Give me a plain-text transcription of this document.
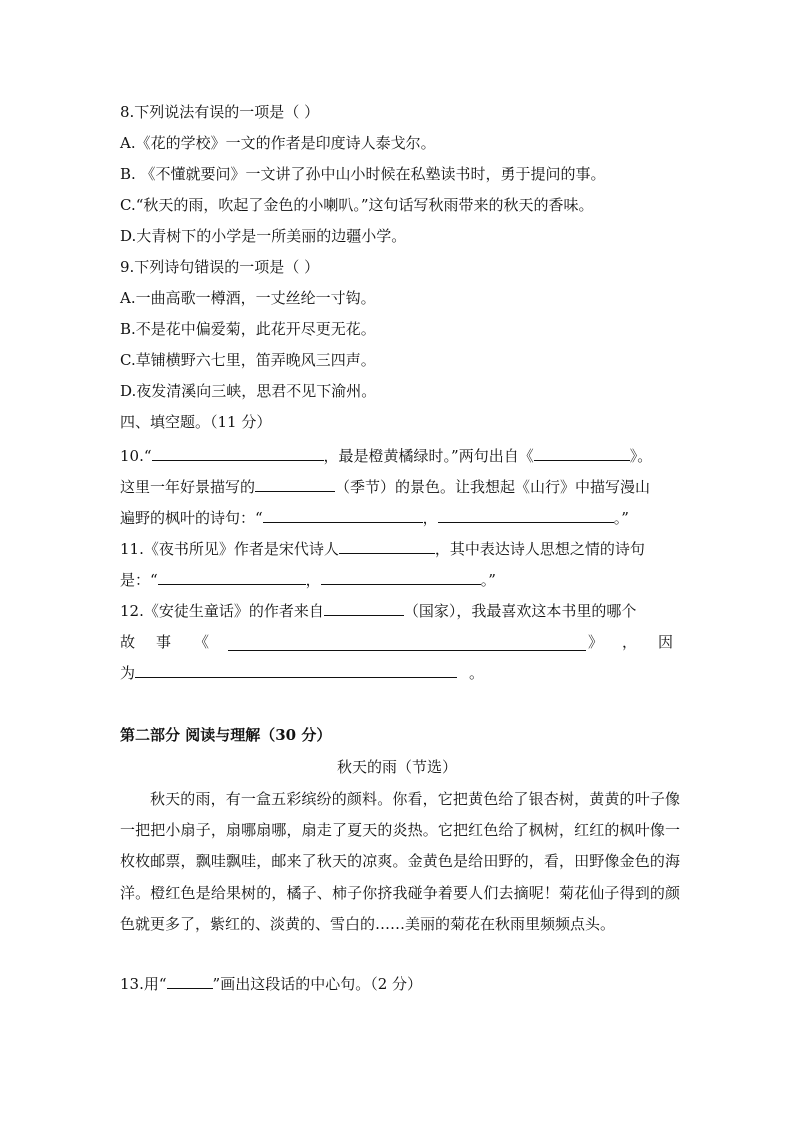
8.下列说法有误的一项是（ ）
A.《花的学校》一文的作者是印度诗人泰戈尔。
B. 《不懂就要问》一文讲了孙中山小时候在私塾读书时，勇于提问的事。
C.“秋天的雨，吹起了金色的小喇叭。”这句话写秋雨带来的秋天的香味。
D.大青树下的小学是一所美丽的边疆小学。
9.下列诗句错误的一项是（ ）
A.一曲高歌一樽酒，一丈丝纶一寸钩。
B.不是花中偏爱菊，此花开尽更无花。
C.草铺横野六七里，笛弄晚风三四声。
D.夜发清溪向三峡，思君不见下渝州。
四、填空题。（11 分）
10.“	，最是橙黄橘绿时。”两句出自《	》。
这里一年好景描写的	（季节）的景色。让我想起《山行》中描写漫山
遍野的枫叶的诗句：“	，	。”
11.《夜书所见》作者是宋代诗人	，其中表达诗人思想之情的诗句
是：“	，	。”
12.《安徒生童话》的作者来自	（国家），我最喜欢这本书里的哪个
故 事 《	》 ， 因
为	。
第二部分 阅读与理解（30 分）
秋天的雨（节选）
秋天的雨，有一盒五彩缤纷的颜料。你看，它把黄色给了银杏树，黄黄的叶子像一把把小扇子，扇哪扇哪，扇走了夏天的炎热。它把红色给了枫树，红红的枫叶像一枚枚邮票，飘哇飘哇，邮来了秋天的凉爽。金黄色是给田野的，看，田野像金色的海洋。橙红色是给果树的，橘子、柿子你挤我碰争着要人们去摘呢！菊花仙子得到的颜色就更多了，紫红的、淡黄的、雪白的……美丽的菊花在秋雨里频频点头。
13.用“	”画出这段话的中心句。（2 分）
